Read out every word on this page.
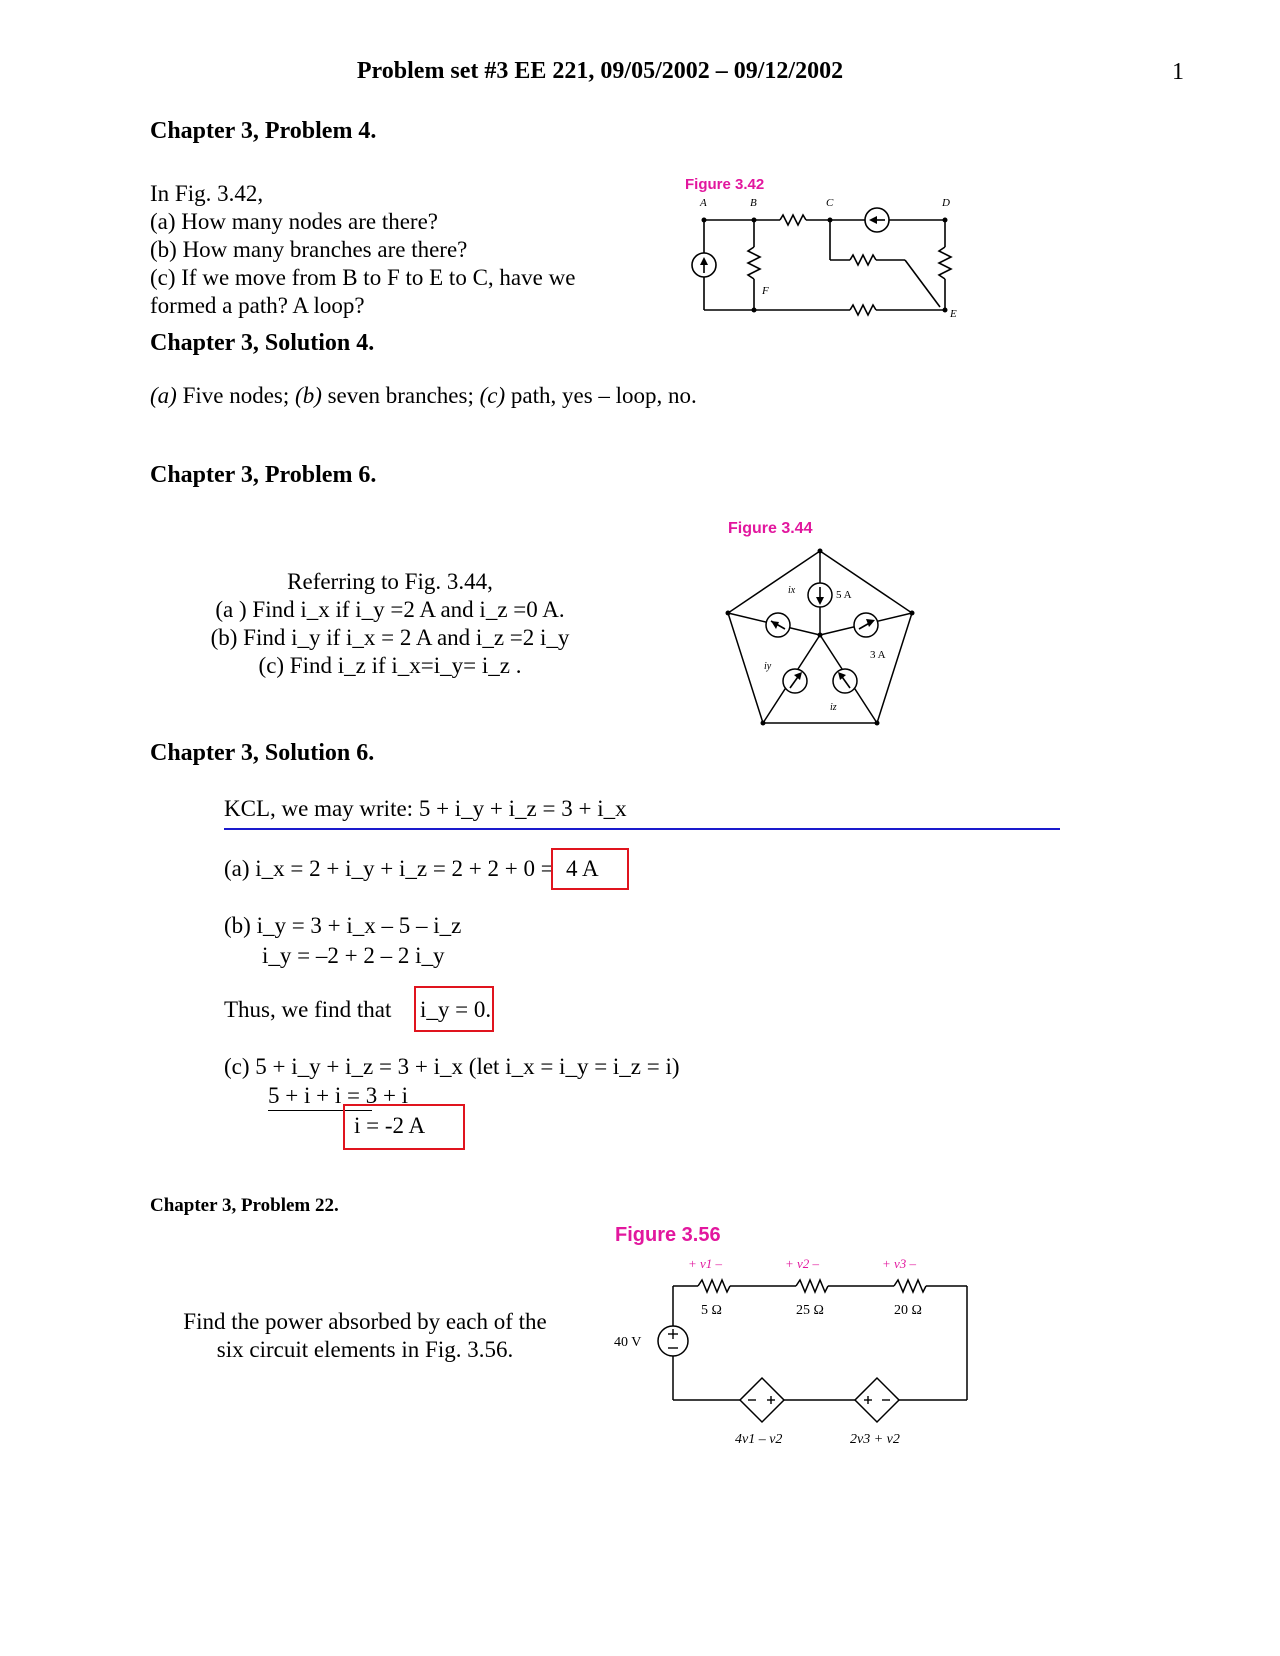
Problem set #3 EE 221, 09/05/2002 – 09/12/2002	1
Chapter 3, Problem 4.
In Fig. 3.42,
(a) How many nodes are there?
(b) How many branches are there?
(c) If we move from B to F to E to C, have we
formed a path? A loop?
Figure 3.42
A	B	C	D
E
F
Chapter 3, Solution 4.
(a) Five nodes; (b) seven branches; (c) path, yes – loop, no.
Chapter 3, Problem 6.
Figure 3.44
Referring to Fig. 3.44,
(a ) Find i_x if i_y =2 A and i_z =0 A.
(b) Find i_y if i_x = 2 A and i_z =2 i_y
(c) Find i_z if i_x=i_y= i_z .
5 A
3 A
ix
iy
iz
Chapter 3, Solution 6.
KCL, we may write: 5 + i_y + i_z = 3 + i_x
(a) i_x = 2 + i_y + i_z = 2 + 2 + 0 = 4 A
(b) i_y = 3 + i_x – 5 – i_z
i_y = –2 + 2 – 2 i_y
Thus, we find that i_y = 0.
(c) 5 + i_y + i_z = 3 + i_x (let i_x = i_y = i_z = i)
5 + i + i = 3 + i
i = -2 A
Chapter 3, Problem 22.
Figure 3.56
Find the power absorbed by each of the
six circuit elements in Fig. 3.56.
+ v1 –	+ v2 –	+ v3 –
5 Ω	25 Ω	20 Ω
40 V
4v1 – v2	2v3 + v2
